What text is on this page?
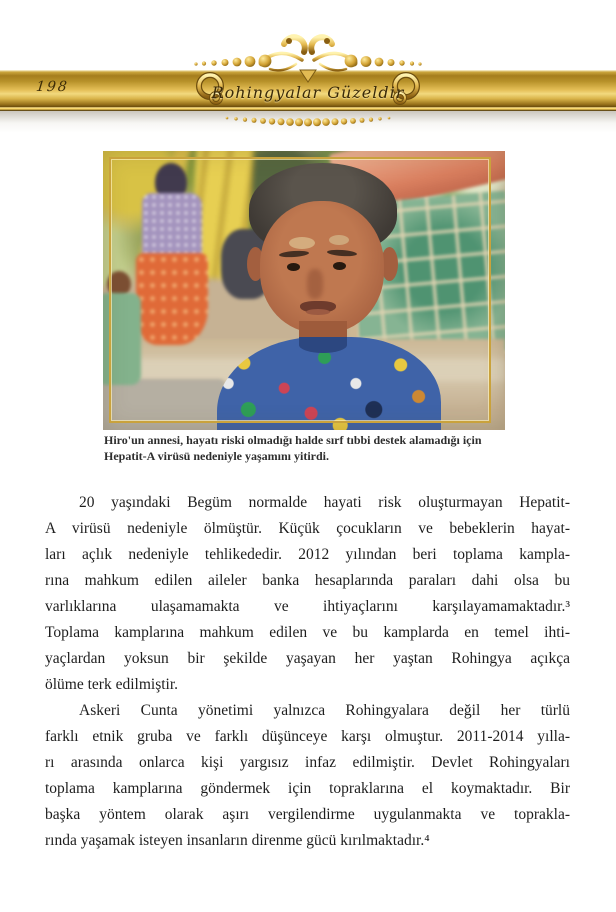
198	Rohingyalar Güzeldir
Hiro'un annesi, hayatı riski olmadığı halde sırf tıbbi destek alamadığı için
Hepatit-A virüsü nedeniyle yaşamını yitirdi.
20 yaşındaki Begüm normalde hayati risk oluşturmayan Hepatit-
A virüsü nedeniyle ölmüştür. Küçük çocukların ve bebeklerin hayat-
ları açlık nedeniyle tehlikededir. 2012 yılından beri toplama kampla-
rına mahkum edilen aileler banka hesaplarında paraları dahi olsa bu
varlıklarına ulaşamamakta ve ihtiyaçlarını karşılayamamaktadır.³
Toplama kamplarına mahkum edilen ve bu kamplarda en temel ihti-
yaçlardan yoksun bir şekilde yaşayan her yaştan Rohingya açıkça
ölüme terk edilmiştir.
Askeri Cunta yönetimi yalnızca Rohingyalara değil her türlü
farklı etnik gruba ve farklı düşünceye karşı olmuştur. 2011-2014 yılla-
rı arasında onlarca kişi yargısız infaz edilmiştir. Devlet Rohingyaları
toplama kamplarına göndermek için topraklarına el koymaktadır. Bir
başka yöntem olarak aşırı vergilendirme uygulanmakta ve toprakla-
rında yaşamak isteyen insanların direnme gücü kırılmaktadır.⁴
